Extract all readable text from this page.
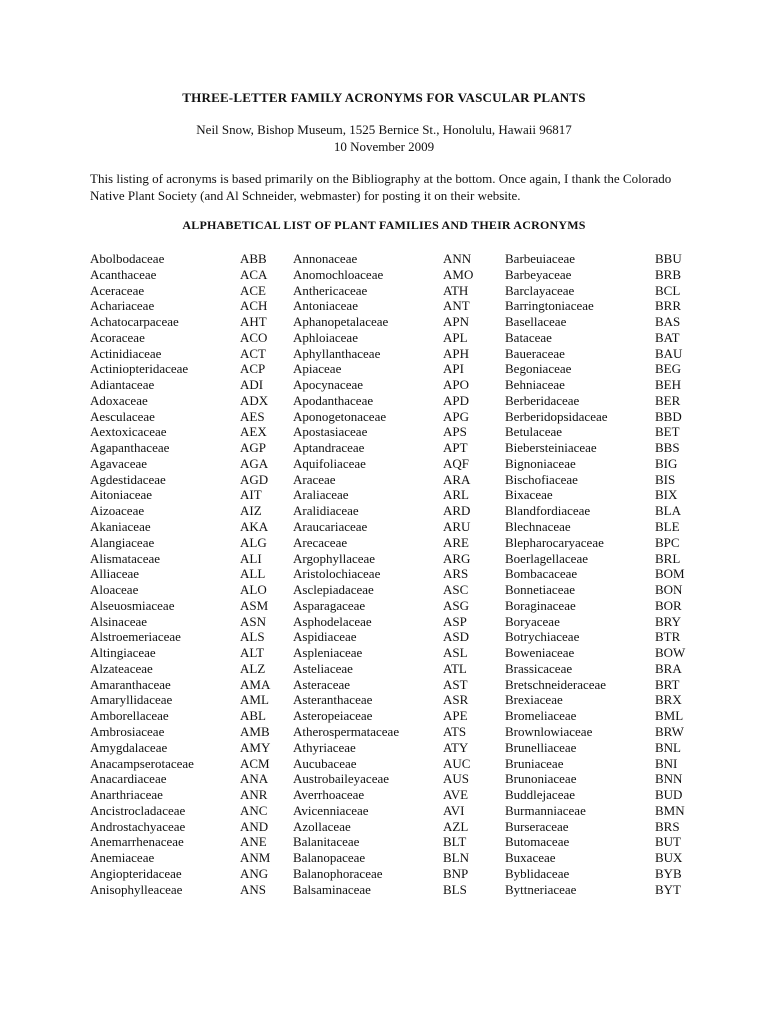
THREE-LETTER FAMILY ACRONYMS FOR VASCULAR PLANTS
Neil Snow, Bishop Museum, 1525 Bernice St., Honolulu, Hawaii 96817
10 November 2009
This listing of acronyms is based primarily on the Bibliography at the bottom. Once again, I thank the Colorado Native Plant Society (and Al Schneider, webmaster) for posting it on their website.
ALPHABETICAL LIST OF PLANT FAMILIES AND THEIR ACRONYMS
Abolbodaceae	ABB Annonaceae	ANN	Barbeuiaceae	BBU
Acanthaceae	ACA Anomochloaceae	AMO Barbeyaceae	BRB
Aceraceae	ACE Anthericaceae	ATH	Barclayaceae	BCL
Achariaceae	ACH Antoniaceae	ANT	Barringtoniaceae	BRR
Achatocarpaceae	AHT Aphanopetalaceae	APN	Basellaceae	BAS
Acoraceae	ACO Aphloiaceae	APL	Bataceae	BAT
Actinidiaceae	ACT Aphyllanthaceae	APH	Baueraceae	BAU
Actiniopteridaceae	ACP Apiaceae	API	Begoniaceae	BEG
Adiantaceae	ADI Apocynaceae	APO	Behniaceae	BEH
Adoxaceae	ADX Apodanthaceae	APD	Berberidaceae	BER
Aesculaceae	AES Aponogetonaceae	APG	Berberidopsidaceae	BBD
Aextoxicaceae	AEX Apostasiaceae	APS	Betulaceae	BET
Agapanthaceae	AGP Aptandraceae	APT	Biebersteiniaceae	BBS
Agavaceae	AGA Aquifoliaceae	AQF	Bignoniaceae	BIG
Agdestidaceae	AGD Araceae	ARA	Bischofiaceae	BIS
Aitoniaceae	AIT Araliaceae	ARL	Bixaceae	BIX
Aizoaceae	AIZ Aralidiaceae	ARD	Blandfordiaceae	BLA
Akaniaceae	AKA Araucariaceae	ARU	Blechnaceae	BLE
Alangiaceae	ALG Arecaceae	ARE	Blepharocaryaceae	BPC
Alismataceae	ALI Argophyllaceae	ARG	Boerlagellaceae	BRL
Alliaceae	ALL Aristolochiaceae	ARS	Bombacaceae	BOM
Aloaceae	ALO Asclepiadaceae	ASC	Bonnetiaceae	BON
Alseuosmiaceae	ASM Asparagaceae	ASG	Boraginaceae	BOR
Alsinaceae	ASN Asphodelaceae	ASP	Boryaceae	BRY
Alstroemeriaceae	ALS Aspidiaceae	ASD	Botrychiaceae	BTR
Altingiaceae	ALT Aspleniaceae	ASL	Boweniaceae	BOW
Alzateaceae	ALZ Asteliaceae	ATL	Brassicaceae	BRA
Amaranthaceae	AMA Asteraceae	AST	Bretschneideraceae	BRT
Amaryllidaceae	AML Asteranthaceae	ASR	Brexiaceae	BRX
Amborellaceae	ABL Asteropeiaceae	APE	Bromeliaceae	BML
Ambrosiaceae	AMB Atherospermataceae	ATS	Brownlowiaceae	BRW
Amygdalaceae	AMY Athyriaceae	ATY	Brunelliaceae	BNL
Anacampserotaceae	ACM Aucubaceae	AUC	Bruniaceae	BNI
Anacardiaceae	ANA Austrobaileyaceae	AUS	Brunoniaceae	BNN
Anarthriaceae	ANR Averrhoaceae	AVE	Buddlejaceae	BUD
Ancistrocladaceae	ANC Avicenniaceae	AVI	Burmanniaceae	BMN
Androstachyaceae	AND Azollaceae	AZL	Burseraceae	BRS
Anemarrhenaceae	ANE Balanitaceae	BLT	Butomaceae	BUT
Anemiaceae	ANM Balanopaceae	BLN	Buxaceae	BUX
Angiopteridaceae	ANG Balanophoraceae	BNP	Byblidaceae	BYB
Anisophylleaceae	ANS Balsaminaceae	BLS	Byttneriaceae	BYT
